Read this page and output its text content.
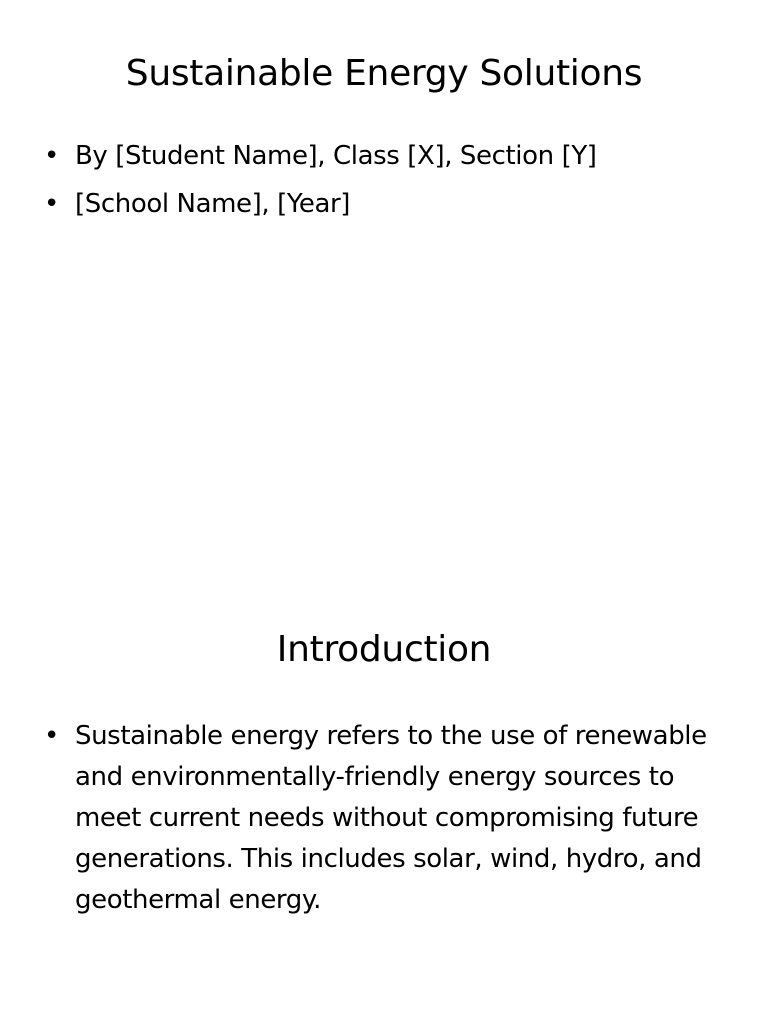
Sustainable Energy Solutions
• By [Student Name], Class [X], Section [Y]
• [School Name], [Year]
Introduction
• Sustainable energy refers to the use of renewable and environmentally-friendly energy sources to meet current needs without compromising future generations. This includes solar, wind, hydro, and geothermal energy.
